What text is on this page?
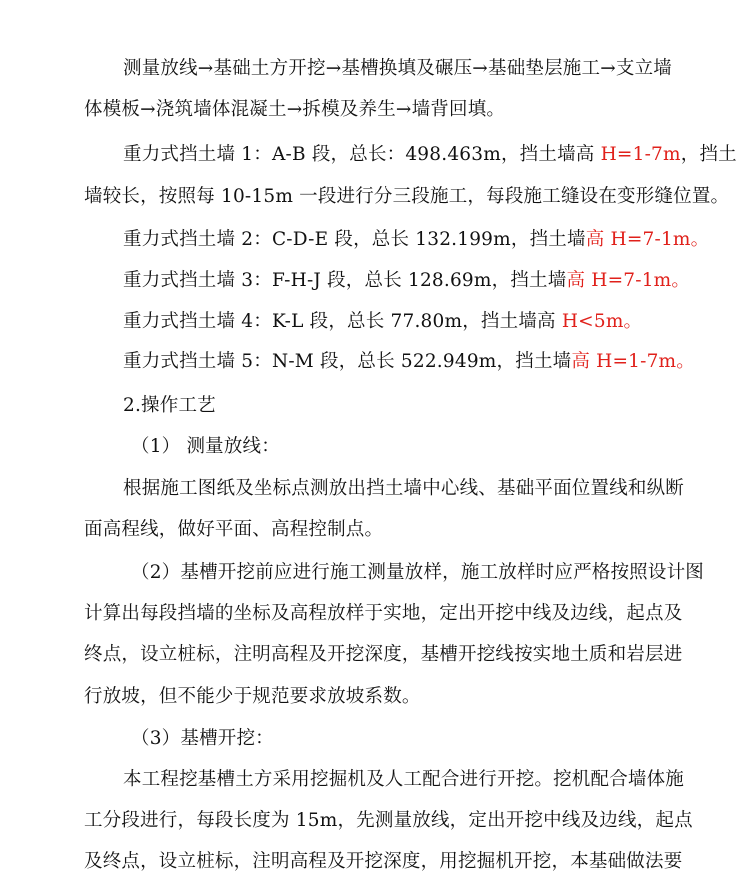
测量放线→基础土方开挖→基槽换填及碾压→基础垫层施工→支立墙
体模板→浇筑墙体混凝土→拆模及养生→墙背回填。
重力式挡土墙 1：A-B 段，总长：498.463m，挡土墙高 H=1-7m，挡土
墙较长，按照每 10-15m 一段进行分三段施工，每段施工缝设在变形缝位置。
重力式挡土墙 2：C-D-E 段，总长 132.199m，挡土墙高 H=7-1m。
重力式挡土墙 3：F-H-J 段，总长 128.69m，挡土墙高 H=7-1m。
重力式挡土墙 4：K-L 段，总长 77.80m，挡土墙高 H<5m。
重力式挡土墙 5：N-M 段，总长 522.949m，挡土墙高 H=1-7m。
2.操作工艺
（1） 测量放线：
根据施工图纸及坐标点测放出挡土墙中心线、基础平面位置线和纵断
面高程线，做好平面、高程控制点。
（2）基槽开挖前应进行施工测量放样，施工放样时应严格按照设计图
计算出每段挡墙的坐标及高程放样于实地，定出开挖中线及边线，起点及
终点，设立桩标，注明高程及开挖深度，基槽开挖线按实地土质和岩层进
行放坡，但不能少于规范要求放坡系数。
（3）基槽开挖：
本工程挖基槽土方采用挖掘机及人工配合进行开挖。挖机配合墙体施
工分段进行，每段长度为 15m，先测量放线，定出开挖中线及边线，起点
及终点，设立桩标，注明高程及开挖深度，用挖掘机开挖，本基础做法要
